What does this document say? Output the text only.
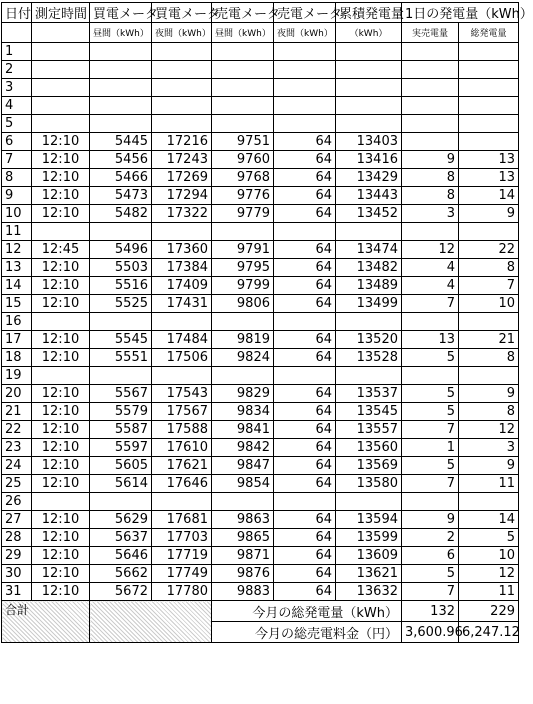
日付	測定時間	買電メータ	買電メータ	売電メータ	売電メータ	累積発電量	1日の発電量（kWh）	
		昼間（kWh）	夜間（kWh）	昼間（kWh）	夜間（kWh）	（kWh）	実売電量	総発電量
1								
2								
3								
4								
5								
6	12:10	5445	17216	9751	64	13403		
7	12:10	5456	17243	9760	64	13416	9	13
8	12:10	5466	17269	9768	64	13429	8	13
9	12:10	5473	17294	9776	64	13443	8	14
10	12:10	5482	17322	9779	64	13452	3	9
11								
12	12:45	5496	17360	9791	64	13474	12	22
13	12:10	5503	17384	9795	64	13482	4	8
14	12:10	5516	17409	9799	64	13489	4	7
15	12:10	5525	17431	9806	64	13499	7	10
16								
17	12:10	5545	17484	9819	64	13520	13	21
18	12:10	5551	17506	9824	64	13528	5	8
19								
20	12:10	5567	17543	9829	64	13537	5	9
21	12:10	5579	17567	9834	64	13545	5	8
22	12:10	5587	17588	9841	64	13557	7	12
23	12:10	5597	17610	9842	64	13560	1	3
24	12:10	5605	17621	9847	64	13569	5	9
25	12:10	5614	17646	9854	64	13580	7	11
26								
27	12:10	5629	17681	9863	64	13594	9	14
28	12:10	5637	17703	9865	64	13599	2	5
29	12:10	5646	17719	9871	64	13609	6	10
30	12:10	5662	17749	9876	64	13621	5	12
31	12:10	5672	17780	9883	64	13632	7	11
合計				今月の総発電量（kWh）			132	229
				今月の総売電料金（円）			3,600.96	6,247.12
